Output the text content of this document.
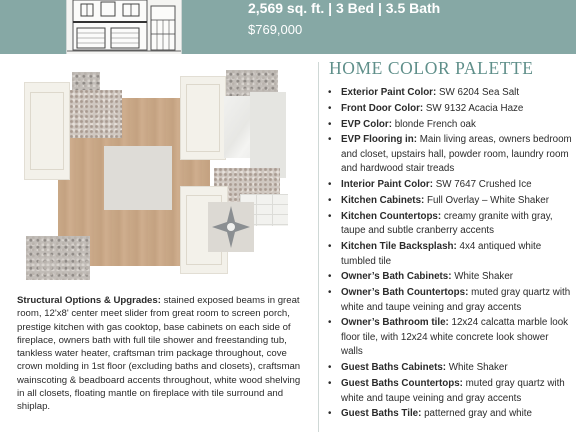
2,569 sq. ft. | 3 Bed | 3.5 Bath
$769,000
Structural Options & Upgrades: stained exposed beams in great room, 12'x8' center meet slider from great room to screen porch, prestige kitchen with gas cooktop, base cabinets on each side of fireplace, owners bath with full tile shower and freestanding tub, tankless water heater, craftsman trim package throughout, cove crown molding in 1st floor (excluding baths and closets), craftsman wainscoting & beadboard accents throughout, white wood shelving in all closets, floating mantle on fireplace with tile surround and shiplap.
HOME COLOR PALETTE
• Exterior Paint Color: SW 6204 Sea Salt
• Front Door Color: SW 9132 Acacia Haze
• EVP Color: blonde French oak
• EVP Flooring in: Main living areas, owners bedroom and closet, upstairs hall, powder room, laundry room and hardwood stair treads
• Interior Paint Color: SW 7647 Crushed Ice
• Kitchen Cabinets: Full Overlay – White Shaker
• Kitchen Countertops: creamy granite with gray, taupe and subtle cranberry accents
• Kitchen Tile Backsplash: 4x4 antiqued white tumbled tile
• Owner’s Bath Cabinets: White Shaker
• Owner’s Bath Countertops: muted gray quartz with white and taupe veining and gray accents
• Owner’s Bathroom tile: 12x24 calcatta marble look floor tile, with 12x24 white concrete look shower walls
• Guest Baths Cabinets: White Shaker
• Guest Baths Countertops: muted gray quartz with white and taupe veining and gray accents
• Guest Baths Tile: patterned gray and white
